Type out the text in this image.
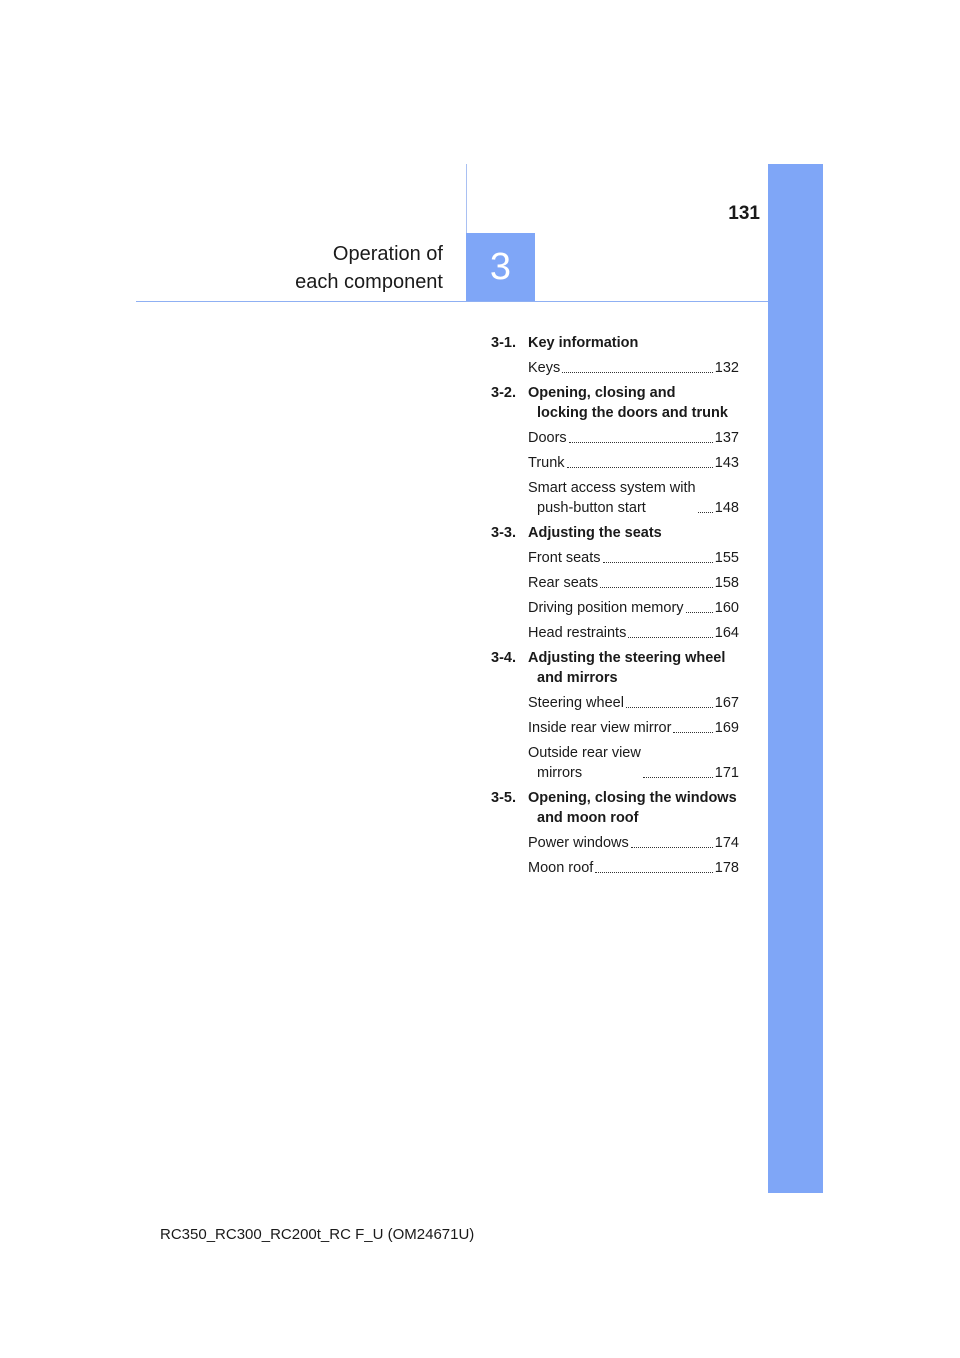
131
Operation of
each component	3
3-1. Key information
Keys	132
3-2. Opening, closing and
locking the doors and trunk
Doors	137
Trunk	143
Smart access system with
push-button start	148
3-3. Adjusting the seats
Front seats	155
Rear seats	158
Driving position memory 160
Head restraints	164
3-4. Adjusting the steering wheel
and mirrors
Steering wheel	167
Inside rear view mirror	169
Outside rear view
mirrors	171
3-5. Opening, closing the windows
and moon roof
Power windows	174
Moon roof	178
RC350_RC300_RC200t_RC F_U (OM24671U)
